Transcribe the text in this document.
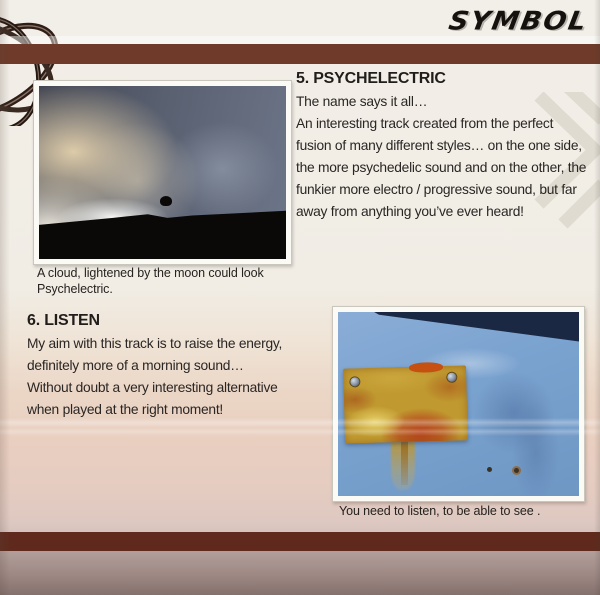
SYMBOL
A cloud, lightened by the moon could look
Psychelectric.
5. PSYCHELECTRIC
The name says it all…
An interesting track created from the perfect
fusion of many different styles… on the one side,
the more psychedelic sound and on the other, the
funkier more electro / progressive sound, but far
away from anything you’ve ever heard!
6. LISTEN
My aim with this track is to raise the energy,
definitely more of a morning sound…
Without doubt a very interesting alternative
when played at the right moment!
You need to listen, to be able to see .
